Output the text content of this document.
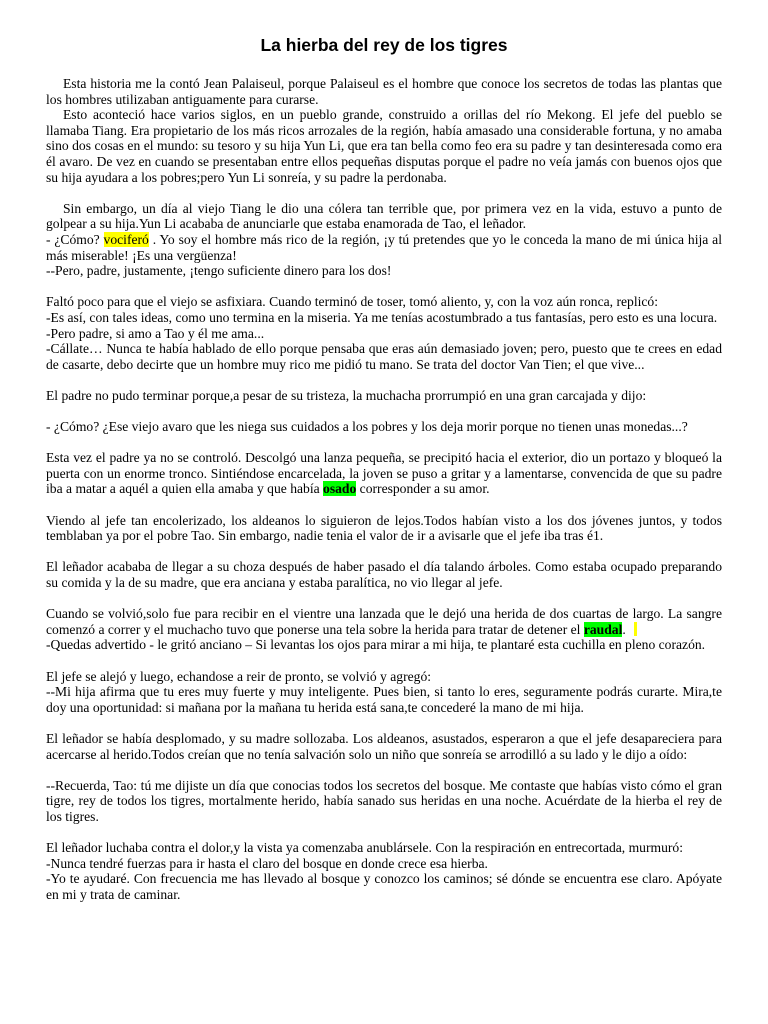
La hierba del rey de los tigres

Esta historia me la contó Jean Palaiseul, porque Palaiseul es el hombre que conoce los secretos de todas las plantas que los hombres utilizaban antiguamente para curarse.

Esto aconteció hace varios siglos, en un pueblo grande, construido a orillas del río Mekong. El jefe del pueblo se llamaba Tiang. Era propietario de los más ricos arrozales de la región, había amasado una considerable fortuna, y no amaba sino dos cosas en el mundo: su tesoro y su hija Yun Li, que era tan bella como feo era su padre y tan desinteresada como era él avaro. De vez en cuando se presentaban entre ellos pequeñas disputas porque el padre no veía jamás con buenos ojos que su hija ayudara a los pobres;pero Yun Li sonreía, y su padre la perdonaba.

Sin embargo, un día al viejo Tiang le dio una cólera tan terrible que, por primera vez en la vida, estuvo a punto de golpear a su hija.Yun Li acababa de anunciarle que estaba enamorada de Tao, el leñador.

- ¿Cómo? vociferó . Yo soy el hombre más rico de la región, ¡y tú pretendes que yo le conceda la mano de mi única hija al más miserable! ¡Es una vergüenza!

--Pero, padre, justamente, ¡tengo suficiente dinero para los dos!

Faltó poco para que el viejo se asfixiara. Cuando terminó de toser, tomó aliento, y, con la voz aún ronca, replicó:

-Es así, con tales ideas, como uno termina en la miseria. Ya me tenías acostumbrado a tus fantasías, pero esto es una locura.

-Pero padre, si amo a Tao y él me ama...

-Cállate… Nunca te había hablado de ello porque pensaba que eras aún demasiado joven; pero, puesto que te crees en edad de casarte, debo decirte que un hombre muy rico me pidió tu mano. Se trata del doctor Van Tien; el que vive...

El padre no pudo terminar porque,a pesar de su tristeza, la muchacha prorrumpió en una gran carcajada y dijo:

- ¿Cómo? ¿Ese viejo avaro que les niega sus cuidados a los pobres y los deja morir porque no tienen unas monedas...?

Esta vez el padre ya no se controló. Descolgó una lanza pequeña, se precipitó hacia el exterior, dio un portazo y bloqueó la puerta con un enorme tronco. Sintiéndose encarcelada, la joven se puso a gritar y a lamentarse, convencida de que su padre iba a matar a aquél a quien ella amaba y que había osado corresponder a su amor.

Viendo al jefe tan encolerizado, los aldeanos lo siguieron de lejos.Todos habían visto a los dos jóvenes juntos, y todos temblaban ya por el pobre Tao. Sin embargo, nadie tenia el valor de ir a avisarle que el jefe iba tras é1.

El leñador acababa de llegar a su choza después de haber pasado el día talando árboles. Como estaba ocupado preparando su comida y la de su madre, que era anciana y estaba paralítica, no vio llegar al jefe.

Cuando se volvió,solo fue para recibir en el vientre una lanzada que le dejó una herida de dos cuartas de largo. La sangre comenzó a correr y el muchacho tuvo que ponerse una tela sobre la herida para tratar de detener el raudal.

-Quedas advertido - le gritó anciano – Si levantas los ojos para mirar a mi hija, te plantaré esta cuchilla en pleno corazón.

El jefe se alejó y luego, echandose a reir de pronto, se volvió y agregó:

--Mi hija afirma que tu eres muy fuerte y muy inteligente. Pues bien, si tanto lo eres, seguramente podrás curarte. Mira,te doy una oportunidad: si mañana por la mañana tu herida está sana,te concederé la mano de mi hija.

El leñador se había desplomado, y su madre sollozaba. Los aldeanos, asustados, esperaron a que el jefe desapareciera para acercarse al herido.Todos creían que no tenía salvación solo un niño que sonreía se arrodilló a su lado y le dijo a oído:

--Recuerda, Tao: tú me dijiste un día que conocias todos los secretos del bosque. Me contaste que habías visto cómo el gran tigre, rey de todos los tigres, mortalmente herido, había sanado sus heridas en una noche. Acuérdate de la hierba el rey de los tigres.

El leñador luchaba contra el dolor,y la vista ya comenzaba anublársele. Con la respiración en entrecortada, murmuró:

-Nunca tendré fuerzas para ir hasta el claro del bosque en donde crece esa hierba.

-Yo te ayudaré. Con frecuencia me has llevado al bosque y conozco los caminos; sé dónde se encuentra ese claro. Apóyate en mi y trata de caminar.
